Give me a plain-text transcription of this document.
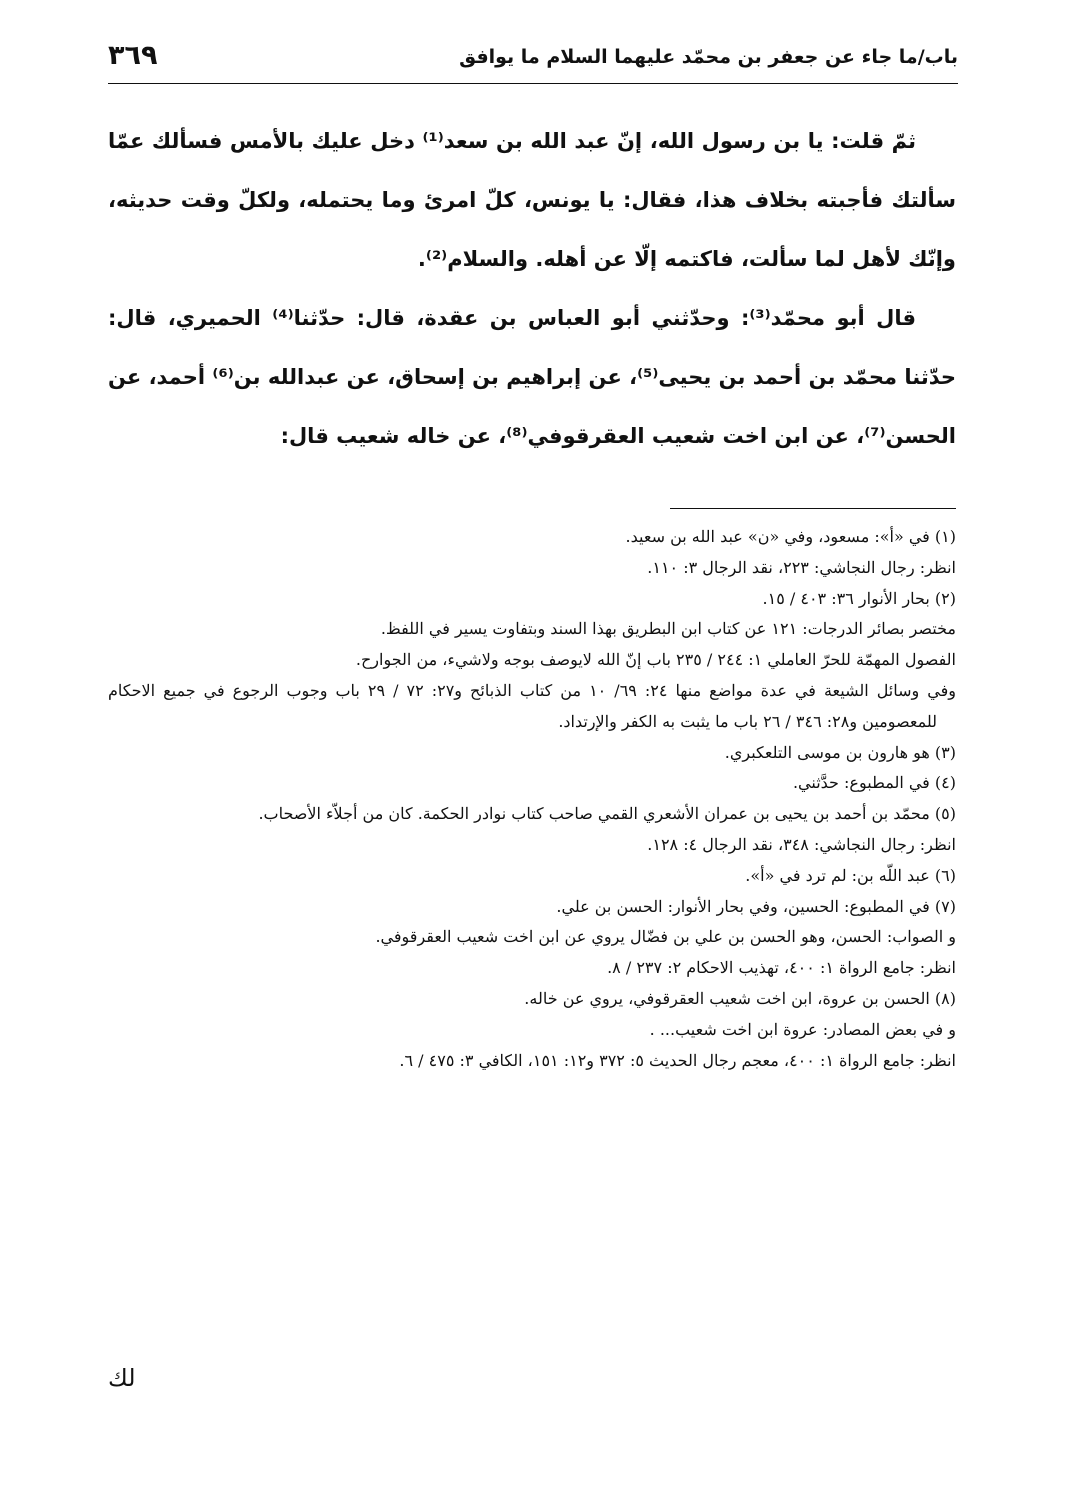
باب/ما جاء عن جعفر بن محمّد عليهما السلام ما يوافق
٣٦٩

ثمّ قلت: يا بن رسول الله، إنّ عبد الله بن سعد⁽¹⁾ دخل عليك بالأمس فسألك عمّا سألتك فأجبته بخلاف هذا، فقال: يا يونس، كلّ امرئ وما يحتمله، ولكلّ وقت حديثه، وإنّك لأهل لما سألت، فاكتمه إلّا عن أهله. والسلام⁽²⁾.

قال أبو محمّد⁽³⁾: وحدّثني أبو العباس بن عقدة، قال: حدّثنا⁽⁴⁾ الحميري، قال: حدّثنا محمّد بن أحمد بن يحيى⁽⁵⁾، عن إبراهيم بن إسحاق، عن عبدالله بن⁽⁶⁾ أحمد، عن الحسن⁽⁷⁾، عن ابن اخت شعيب العقرقوفي⁽⁸⁾، عن خاله شعيب قال:

(١) في «أ»: مسعود، وفي «ن» عبد الله بن سعيد.

انظر: رجال النجاشي: ٢٢٣، نقد الرجال ٣: ١١٠.

(٢) بحار الأنوار ٣٦: ٤٠٣ / ١٥.

مختصر بصائر الدرجات: ١٢١ عن كتاب ابن البطريق بهذا السند وبتفاوت يسير في اللفظ.

الفصول المهمّة للحرّ العاملي ١: ٢٤٤ / ٢٣٥ باب إنّ الله لايوصف بوجه ولاشيء، من الجوارح.

وفي وسائل الشيعة في عدة مواضع منها ٢٤: ٦٩/ ١٠ من كتاب الذبائح و٢٧: ٧٢ / ٢٩ باب وجوب الرجوع في جميع الاحكام للمعصومين و٢٨: ٣٤٦ / ٢٦ باب ما يثبت به الكفر والإرتداد.

(٣) هو هارون بن موسى التلعكبري.

(٤) في المطبوع: حدَّثني.

(٥) محمّد بن أحمد بن يحيى بن عمران الأشعري القمي صاحب كتاب نوادر الحكمة. كان من أجلاّء الأصحاب.

انظر: رجال النجاشي: ٣٤٨، نقد الرجال ٤: ١٢٨.

(٦) عبد اللّه بن: لم ترد في «أ».

(٧) في المطبوع: الحسين، وفي بحار الأنوار: الحسن بن علي.

و الصواب: الحسن، وهو الحسن بن علي بن فضّال يروي عن ابن اخت شعيب العقرقوفي.

انظر: جامع الرواة ١: ٤٠٠، تهذيب الاحكام ٢: ٢٣٧ / ٨.

(٨) الحسن بن عروة، ابن اخت شعيب العقرقوفي، يروي عن خاله.

و في بعض المصادر: عروة ابن اخت شعيب... .

انظر: جامع الرواة ١: ٤٠٠، معجم رجال الحديث ٥: ٣٧٢ و١٢: ١٥١، الكافي ٣: ٤٧٥ / ٦.

لك
